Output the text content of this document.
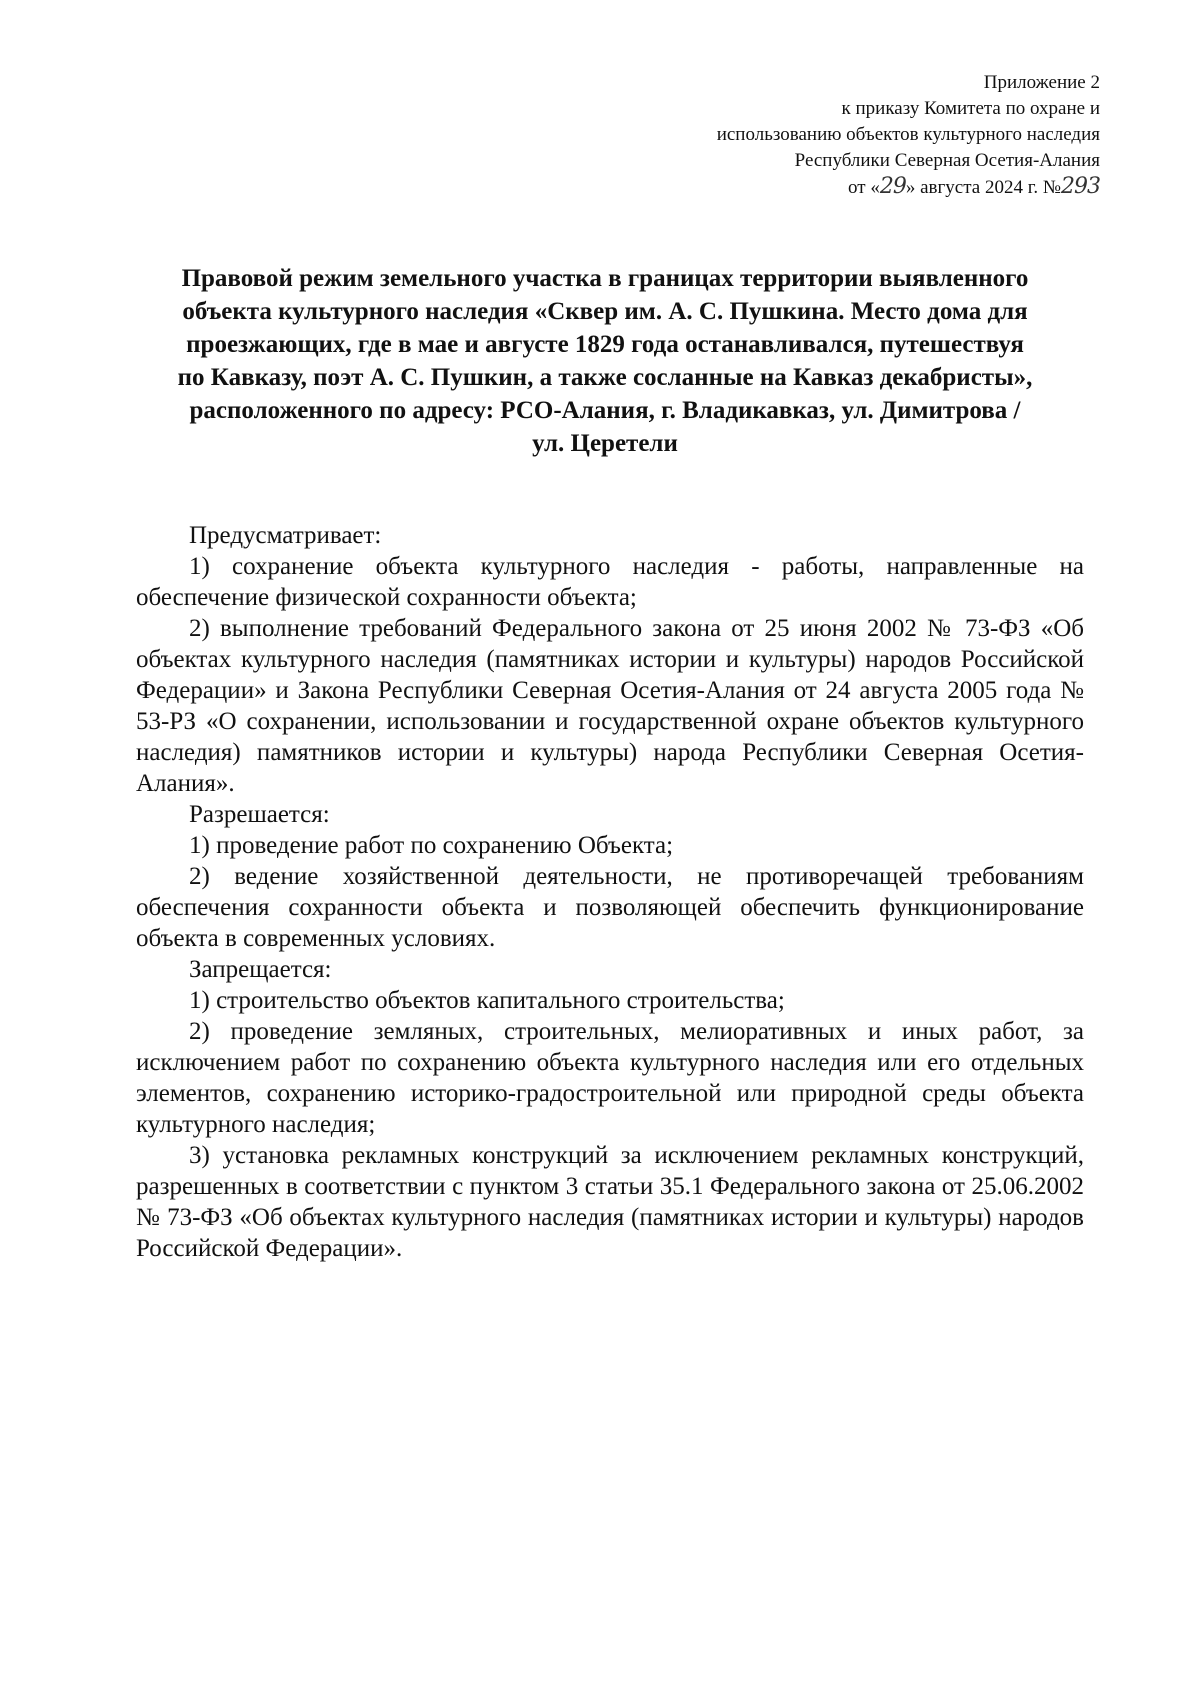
Приложение 2
к приказу Комитета по охране и
использованию объектов культурного наследия
Республики Северная Осетия-Алания
от «29» августа 2024 г. №293
Правовой режим земельного участка в границах территории выявленного
объекта культурного наследия «Сквер им. А. С. Пушкина. Место дома для
проезжающих, где в мае и августе 1829 года останавливался, путешествуя
по Кавказу, поэт А. С. Пушкин, а также сосланные на Кавказ декабристы»,
расположенного по адресу: РСО-Алания, г. Владикавказ, ул. Димитрова /
ул. Церетели

Предусматривает:

1) сохранение объекта культурного наследия - работы, направленные на обеспечение физической сохранности объекта;

2) выполнение требований Федерального закона от 25 июня 2002 № 73-ФЗ «Об объектах культурного наследия (памятниках истории и культуры) народов Российской Федерации» и Закона Республики Северная Осетия-Алания от 24 августа 2005 года № 53-РЗ «О сохранении, использовании и государственной охране объектов культурного наследия) памятников истории и культуры) народа Республики Северная Осетия-Алания».

Разрешается:

1) проведение работ по сохранению Объекта;

2) ведение хозяйственной деятельности, не противоречащей требованиям обеспечения сохранности объекта и позволяющей обеспечить функционирование объекта в современных условиях.

Запрещается:

1) строительство объектов капитального строительства;

2) проведение земляных, строительных, мелиоративных и иных работ, за исключением работ по сохранению объекта культурного наследия или его отдельных элементов, сохранению историко-градостроительной или природной среды объекта культурного наследия;

3) установка рекламных конструкций за исключением рекламных конструкций, разрешенных в соответствии с пунктом 3 статьи 35.1 Федерального закона от 25.06.2002 № 73-ФЗ «Об объектах культурного наследия (памятниках истории и культуры) народов Российской Федерации».
